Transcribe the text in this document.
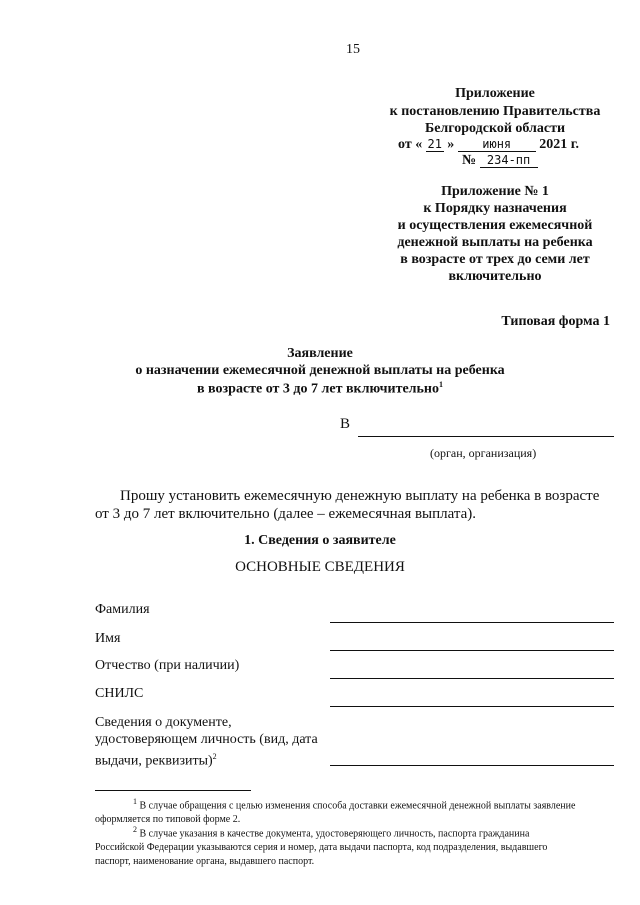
15
Приложение
к постановлению Правительства
Белгородской области
от « 21 » июня 2021 г.
№ 234-пп
Приложение № 1
к Порядку назначения
и осуществления ежемесячной
денежной выплаты на ребенка
в возрасте от трех до семи лет
включительно
Типовая форма 1
Заявление
о назначении ежемесячной денежной выплаты на ребенка
в возрасте от 3 до 7 лет включительно$^1$
В
(орган, организация)
Прошу установить ежемесячную денежную выплату на ребенка в возрасте
от 3 до 7 лет включительно (далее – ежемесячная выплата).
1. Сведения о заявителе
ОСНОВНЫЕ СВЕДЕНИЯ
Фамилия
Имя
Отчество (при наличии)
СНИЛС
Сведения о документе,
удостоверяющем личность (вид, дата
выдачи, реквизиты)$^2$
$^1$ В случае обращения с целью изменения способа доставки ежемесячной денежной выплаты заявление
оформляется по типовой форме 2.
$^2$ В случае указания в качестве документа, удостоверяющего личность, паспорта гражданина
Российской Федерации указываются серия и номер, дата выдачи паспорта, код подразделения, выдавшего
паспорт, наименование органа, выдавшего паспорт.
